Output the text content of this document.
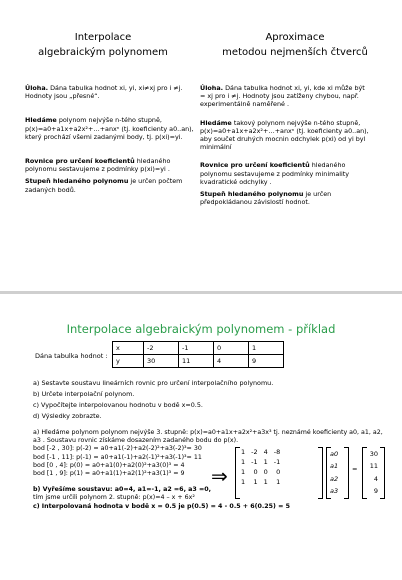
Interpolace
algebraickým polynomem
Úloha. Dána tabulka hodnot xi, yi, xi≠xj pro i ≠j. Hodnoty jsou „přesné“.
Hledáme polynom nejvýše n-tého stupně, p(x)=a0+a1x+a2x²+…+anxⁿ (tj. koeficienty a0..an), který prochází všemi zadanými body, tj. p(xi)=yi.
Rovnice pro určení koeficientů hledaného polynomu sestavujeme z podmínky p(xi)=yi .
Stupeň hledaného polynomu je určen počtem zadaných bodů.
Aproximace
metodou nejmenších čtverců
Úloha. Dána tabulka hodnot xi, yi, kde xi může být = xj pro i ≠j. Hodnoty jsou zatíženy chybou, např. experimentálně naměřené .
Hledáme takový polynom nejvýše n-tého stupně, p(x)=a0+a1x+a2x²+…+anxⁿ (tj. koeficienty a0..an), aby součet druhých mocnin odchylek p(xi) od yi byl minimální
Rovnice pro určení koeficientů hledaného polynomu sestavujeme z podmínky minimality kvadratické odchylky .
Stupeň hledaného polynomu je určen předpokládanou závislostí hodnot.
Interpolace algebraickým polynomem - příklad
Dána tabulka hodnot :
x	-2	-1	0	1
y	30	11	4	9
a) Sestavte soustavu lineárních rovnic pro určení interpolačního polynomu.
b) Určete interpolační polynom.
c) Vypočítejte interpolovanou hodnotu v bodě x=0.5.
d) Výsledky zobrazte.
a) Hledáme polynom polynom nejvýše 3. stupně: p(x)=a0+a1x+a2x²+a3x³ tj. neznámé koeficienty a0, a1, a2, a3 . Soustavu rovnic získáme dosazením zadaného bodu do p(x).
bod [-2 , 30]: p(-2) = a0+a1(-2)+a2(-2)²+a3(-2)³= 30
bod [-1 , 11]: p(-1) = a0+a1(-1)+a2(-1)²+a3(-1)³= 11
bod [0 , 4]: p(0) = a0+a1(0)+a2(0)²+a3(0)³ = 4
bod [1 , 9]: p(1) = a0+a1(1)+a2(1)²+a3(1)³ = 9
b) Vyřešíme soustavu: a0=4, a1=-1, a2 =6, a3 =0,
tím jsme určili polynom 2. stupně: p(x)=4 – x + 6x²
c) Interpolovaná hodnota v bodě x = 0.5 je p(0.5) = 4 - 0.5 + 6(0.25) = 5
⇒
1	-2	4	-8
1	-1	1	-1
1	0	0	0
1	1	1	1
a0
a1
a2
a3
=
30
11
4
9
